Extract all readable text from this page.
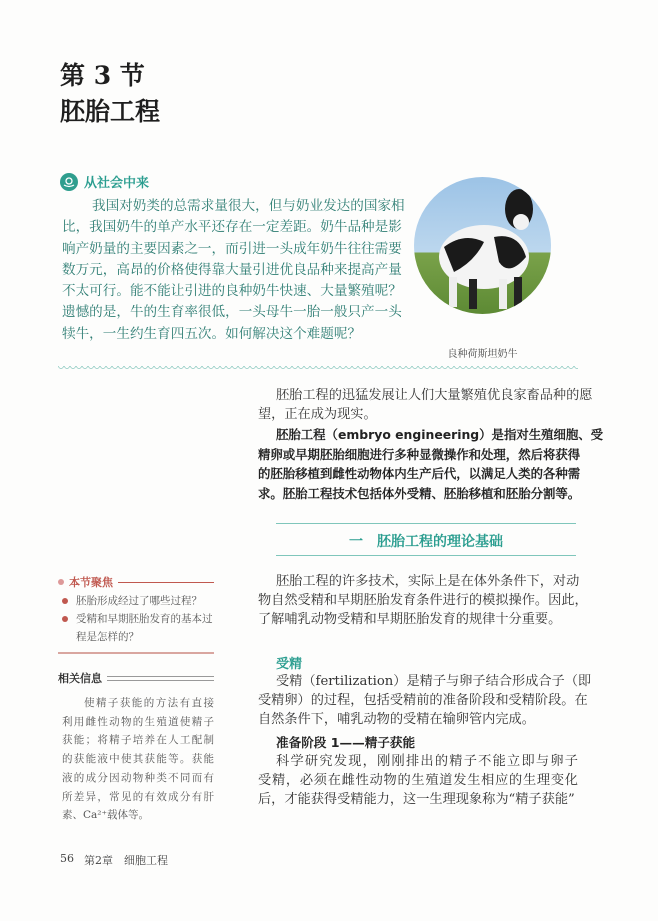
第 3 节
胚胎工程
从社会中来
我国对奶类的总需求量很大，但与奶业发达的国家相
比，我国奶牛的单产水平还存在一定差距。奶牛品种是影
响产奶量的主要因素之一，而引进一头成年奶牛往往需要
数万元，高昂的价格使得靠大量引进优良品种来提高产量
不太可行。能不能让引进的良种奶牛快速、大量繁殖呢？
遗憾的是，牛的生育率很低，一头母牛一胎一般只产一头
犊牛，一生约生育四五次。如何解决这个难题呢？
良种荷斯坦奶牛
胚胎工程的迅猛发展让人们大量繁殖优良家畜品种的愿
望，正在成为现实。
胚胎工程（embryo engineering）是指对生殖细胞、受
精卵或早期胚胎细胞进行多种显微操作和处理，然后将获得
的胚胎移植到雌性动物体内生产后代，以满足人类的各种需
求。胚胎工程技术包括体外受精、胚胎移植和胚胎分割等。
一　胚胎工程的理论基础
胚胎工程的许多技术，实际上是在体外条件下，对动
物自然受精和早期胚胎发育条件进行的模拟操作。因此，
了解哺乳动物受精和早期胚胎发育的规律十分重要。
受精
受精（fertilization）是精子与卵子结合形成合子（即
受精卵）的过程，包括受精前的准备阶段和受精阶段。在
自然条件下，哺乳动物的受精在输卵管内完成。
准备阶段 1——精子获能
科学研究发现，刚刚排出的精子不能立即与卵子
受精，必须在雌性动物的生殖道发生相应的生理变化
后，才能获得受精能力，这一生理现象称为“精子获能”
本节聚焦
胚胎形成经过了哪些过程？
受精和早期胚胎发育的基本过
程是怎样的？
相关信息
使精子获能的方法有直接
利用雌性动物的生殖道使精子
获能；将精子培养在人工配制
的获能液中使其获能等。获能
液的成分因动物种类不同而有
所差异，常见的有效成分有肝
素、Ca²⁺载体等。
56 第2章　细胞工程
